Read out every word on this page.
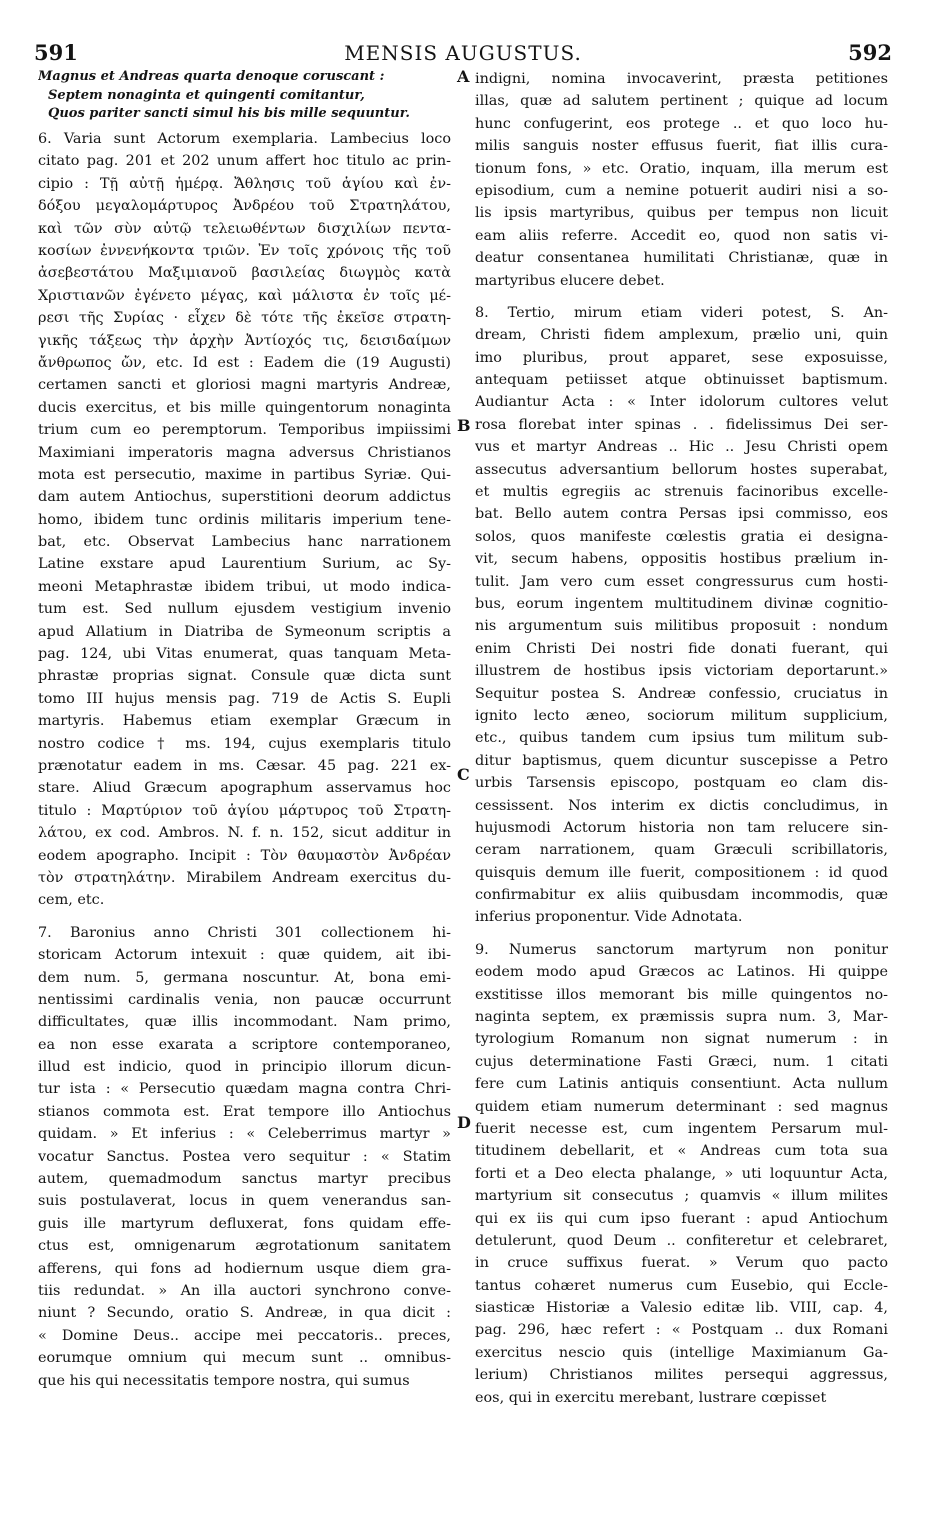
591	MENSIS AUGUSTUS.	592
Magnus et Andreas quarta denoque coruscant :
Septem nonaginta et quingenti comitantur,
Quos pariter sancti simul his bis mille sequuntur.
6. Varia sunt Actorum exemplaria. Lambecius loco
citato pag. 201 et 202 unum affert hoc titulo ac prin-
cipio : Τῇ αὐτῇ ἡμέρᾳ. Ἄθλησις τοῦ ἁγίου καὶ ἐν-
δόξου μεγαλομάρτυρος Ἀνδρέου τοῦ Στρατηλάτου,
καὶ τῶν σὺν αὐτῷ τελειωθέντων δισχιλίων πεντα-
κοσίων ἐννενήκοντα τριῶν. Ἐν τοῖς χρόνοις τῆς τοῦ
ἀσεβεστάτου Μαξιμιανοῦ βασιλείας διωγμὸς κατὰ
Χριστιανῶν ἐγένετο μέγας, καὶ μάλιστα ἐν τοῖς μέ-
ρεσι τῆς Συρίας · εἶχεν δὲ τότε τῆς ἐκεῖσε στρατη-
γικῆς τάξεως τὴν ἀρχὴν Ἀντίοχός τις, δεισιδαίμων
ἄνθρωπος ὤν, etc. Id est : Eadem die (19 Augusti)
certamen sancti et gloriosi magni martyris Andreæ,
ducis exercitus, et bis mille quingentorum nonaginta
trium cum eo peremptorum. Temporibus impiissimi
Maximiani imperatoris magna adversus Christianos
mota est persecutio, maxime in partibus Syriæ. Qui-
dam autem Antiochus, superstitioni deorum addictus
homo, ibidem tunc ordinis militaris imperium tene-
bat, etc. Observat Lambecius hanc narrationem
Latine exstare apud Laurentium Surium, ac Sy-
meoni Metaphrastæ ibidem tribui, ut modo indica-
tum est. Sed nullum ejusdem vestigium invenio
apud Allatium in Diatriba de Symeonum scriptis a
pag. 124, ubi Vitas enumerat, quas tanquam Meta-
phrastæ proprias signat. Consule quæ dicta sunt
tomo III hujus mensis pag. 719 de Actis S. Eupli
martyris. Habemus etiam exemplar Græcum in
nostro codice † ms. 194, cujus exemplaris titulo
prænotatur eadem in ms. Cæsar. 45 pag. 221 ex-
stare. Aliud Græcum apographum asservamus hoc
titulo : Μαρτύριον τοῦ ἁγίου μάρτυρος τοῦ Στρατη-
λάτου, ex cod. Ambros. N. f. n. 152, sicut additur in
eodem apographo. Incipit : Τὸν θαυμαστὸν Ἀνδρέαν
τὸν στρατηλάτην. Mirabilem Andream exercitus du-
cem, etc.
7. Baronius anno Christi 301 collectionem hi-
storicam Actorum intexuit : quæ quidem, ait ibi-
dem num. 5, germana noscuntur. At, bona emi-
nentissimi cardinalis venia, non paucæ occurrunt
difficultates, quæ illis incommodant. Nam primo,
ea non esse exarata a scriptore contemporaneo,
illud est indicio, quod in principio illorum dicun-
tur ista : « Persecutio quædam magna contra Chri-
stianos commota est. Erat tempore illo Antiochus
quidam. » Et inferius : « Celeberrimus martyr »
vocatur Sanctus. Postea vero sequitur : « Statim
autem, quemadmodum sanctus martyr precibus
suis postulaverat, locus in quem venerandus san-
guis ille martyrum defluxerat, fons quidam effe-
ctus est, omnigenarum ægrotationum sanitatem
afferens, qui fons ad hodiernum usque diem gra-
tiis redundat. » An illa auctori synchrono conve-
niunt ? Secundo, oratio S. Andreæ, in qua dicit :
« Domine Deus.. accipe mei peccatoris.. preces,
eorumque omnium qui mecum sunt .. omnibus-
que his qui necessitatis tempore nostra, qui sumus
indigni, nomina invocaverint, præsta petitiones
illas, quæ ad salutem pertinent ; quique ad locum
hunc confugerint, eos protege .. et quo loco hu-
milis sanguis noster effusus fuerit, fiat illis cura-
tionum fons, » etc. Oratio, inquam, illa merum est
episodium, cum a nemine potuerit audiri nisi a so-
lis ipsis martyribus, quibus per tempus non licuit
eam aliis referre. Accedit eo, quod non satis vi-
deatur consentanea humilitati Christianæ, quæ in
martyribus elucere debet.
8. Tertio, mirum etiam videri potest, S. An-
dream, Christi fidem amplexum, prælio uni, quin
imo pluribus, prout apparet, sese exposuisse,
antequam petiisset atque obtinuisset baptismum.
Audiantur Acta : « Inter idolorum cultores velut
rosa florebat inter spinas . . fidelissimus Dei ser-
vus et martyr Andreas .. Hic .. Jesu Christi opem
assecutus adversantium bellorum hostes superabat,
et multis egregiis ac strenuis facinoribus excelle-
bat. Bello autem contra Persas ipsi commisso, eos
solos, quos manifeste cœlestis gratia ei designa-
vit, secum habens, oppositis hostibus prælium in-
tulit. Jam vero cum esset congressurus cum hosti-
bus, eorum ingentem multitudinem divinæ cognitio-
nis argumentum suis militibus proposuit : nondum
enim Christi Dei nostri fide donati fuerant, qui
illustrem de hostibus ipsis victoriam deportarunt.»
Sequitur postea S. Andreæ confessio, cruciatus in
ignito lecto æneo, sociorum militum supplicium,
etc., quibus tandem cum ipsius tum militum sub-
ditur baptismus, quem dicuntur suscepisse a Petro
urbis Tarsensis episcopo, postquam eo clam dis-
cessissent. Nos interim ex dictis concludimus, in
hujusmodi Actorum historia non tam relucere sin-
ceram narrationem, quam Græculi scribillatoris,
quisquis demum ille fuerit, compositionem : id quod
confirmabitur ex aliis quibusdam incommodis, quæ
inferius proponentur. Vide Adnotata.
9. Numerus sanctorum martyrum non ponitur
eodem modo apud Græcos ac Latinos. Hi quippe
exstitisse illos memorant bis mille quingentos no-
naginta septem, ex præmissis supra num. 3, Mar-
tyrologium Romanum non signat numerum : in
cujus determinatione Fasti Græci, num. 1 citati
fere cum Latinis antiquis consentiunt. Acta nullum
quidem etiam numerum determinant : sed magnus
fuerit necesse est, cum ingentem Persarum mul-
titudinem debellarit, et « Andreas cum tota sua
forti et a Deo electa phalange, » uti loquuntur Acta,
martyrium sit consecutus ; quamvis « illum milites
qui ex iis qui cum ipso fuerant : apud Antiochum
detulerunt, quod Deum .. confiteretur et celebraret,
in cruce suffixus fuerat. » Verum quo pacto
tantus cohæret numerus cum Eusebio, qui Eccle-
siasticæ Historiæ a Valesio editæ lib. VIII, cap. 4,
pag. 296, hæc refert : « Postquam .. dux Romani
exercitus nescio quis (intellige Maximianum Ga-
lerium) Christianos milites persequi aggressus,
eos, qui in exercitu merebant, lustrare cœpisset
A
B
C
D
